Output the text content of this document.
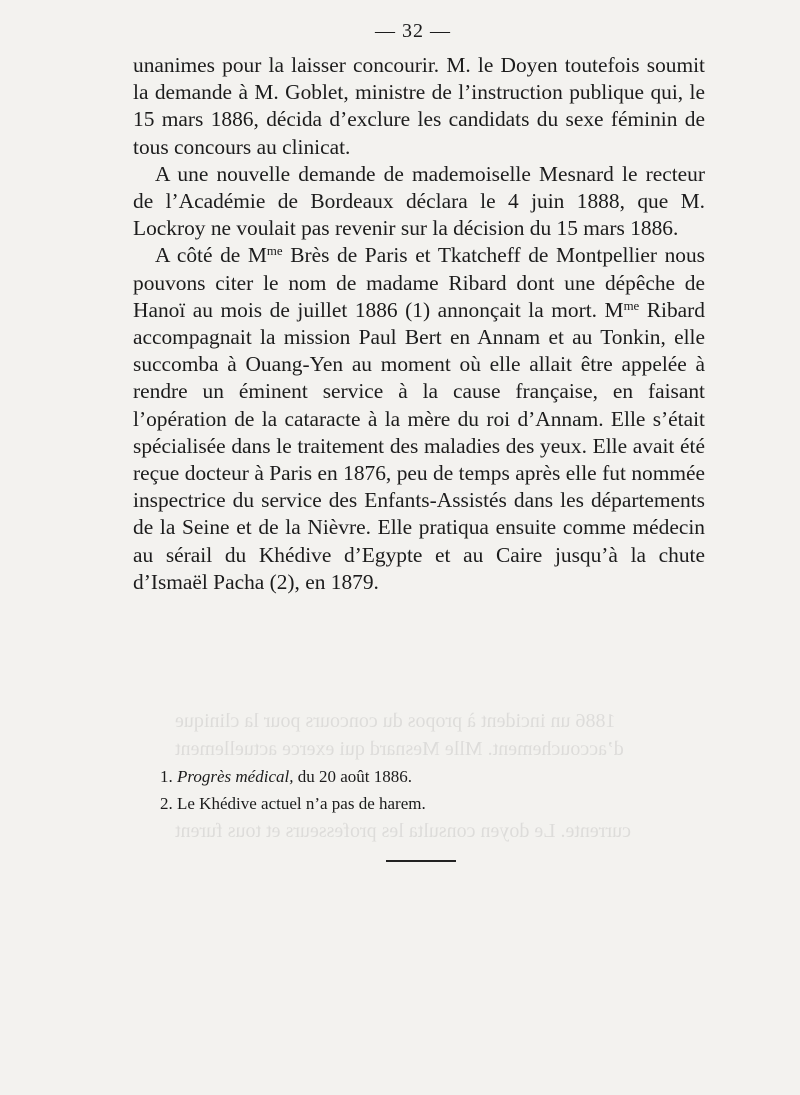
1886 un incident à propos du concours pour la clinique
d’accouchement. Mlle Mesnard qui exerce actuellement
currente. Le doyen consulta les professeurs et tous furent
— 32 —

unanimes pour la laisser concourir. M. le Doyen toutefois soumit la demande à M. Goblet, ministre de l’instruction publique qui, le 15 mars 1886, décida d’exclure les candidats du sexe féminin de tous concours au clinicat.

A une nouvelle demande de mademoiselle Mesnard le recteur de l’Académie de Bordeaux déclara le 4 juin 1888, que M. Lockroy ne voulait pas revenir sur la décision du 15 mars 1886.

A côté de $M^{me}$ Brès de Paris et Tkatcheff de Montpellier nous pouvons citer le nom de madame Ribard dont une dépêche de Hanoï au mois de juillet 1886 (1) annonçait la mort. $M^{me}$ Ribard accompagnait la mission Paul Bert en Annam et au Tonkin, elle succomba à Ouang-Yen au moment où elle allait être appelée à rendre un éminent service à la cause française, en faisant l’opération de la cataracte à la mère du roi d’Annam. Elle s’était spécialisée dans le traitement des maladies des yeux. Elle avait été reçue docteur à Paris en 1876, peu de temps après elle fut nommée inspectrice du service des Enfants-Assistés dans les départements de la Seine et de la Nièvre. Elle pratiqua ensuite comme médecin au sérail du Khédive d’Egypte et au Caire jusqu’à la chute d’Ismaël Pacha (2), en 1879.

1. Progrès médical, du 20 août 1886.
2. Le Khédive actuel n’a pas de harem.
